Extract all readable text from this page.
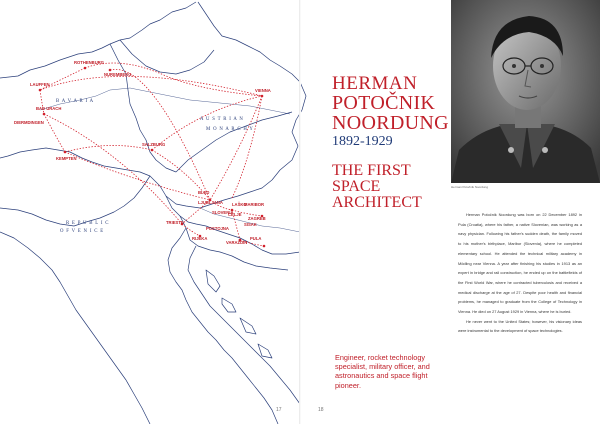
ROTHENBURG
NUREMBERG
LAUFFEN
BAD URACH
DIERMDINGEN
KEMPTEN
SALZBURG
VIENNA
LJUBLJANA LAŠKO
CELJE
BLED
MARIBOR
TRIESTE
RIJEKA
SISAK
SLOVENIA
VARAŽDIN
ZAGREB
POSTOJNA
PULA
B A V A R I A
A U S T R I A N
M O N A R C H Y
R E P U B L I C
O F V E N I C E
Herman Potočnik Noordung
HERMAN
POTOČNIK
NOORDUNG
1892-1929
THE FIRST
SPACE
ARCHITECT
Engineer, rocket technology specialist, military officer, and astronautics and space flight pioneer.

Herman Potočnik Noordung was born on 22 December 1892 in Pula (Croatia), where his father, a native Slovenian, was working as a navy physician. Following his father's sudden death, the family moved to his mother's birthplace, Maribor (Slovenia), where he completed elementary school. He attended the technical military academy in Mödling near Vienna. A year after finishing his studies in 1913 as an expert in bridge and rail construction, he ended up on the battlefields of the First World War, where he contracted tuberculosis and received a medical discharge at the age of 27. Despite poor health and financial problems, he managed to graduate from the College of Technology in Vienna. He died on 27 August 1929 in Vienna, where he is buried.

He never went to the United States; however, his visionary ideas were instrumental to the development of space technologies.

17	18
